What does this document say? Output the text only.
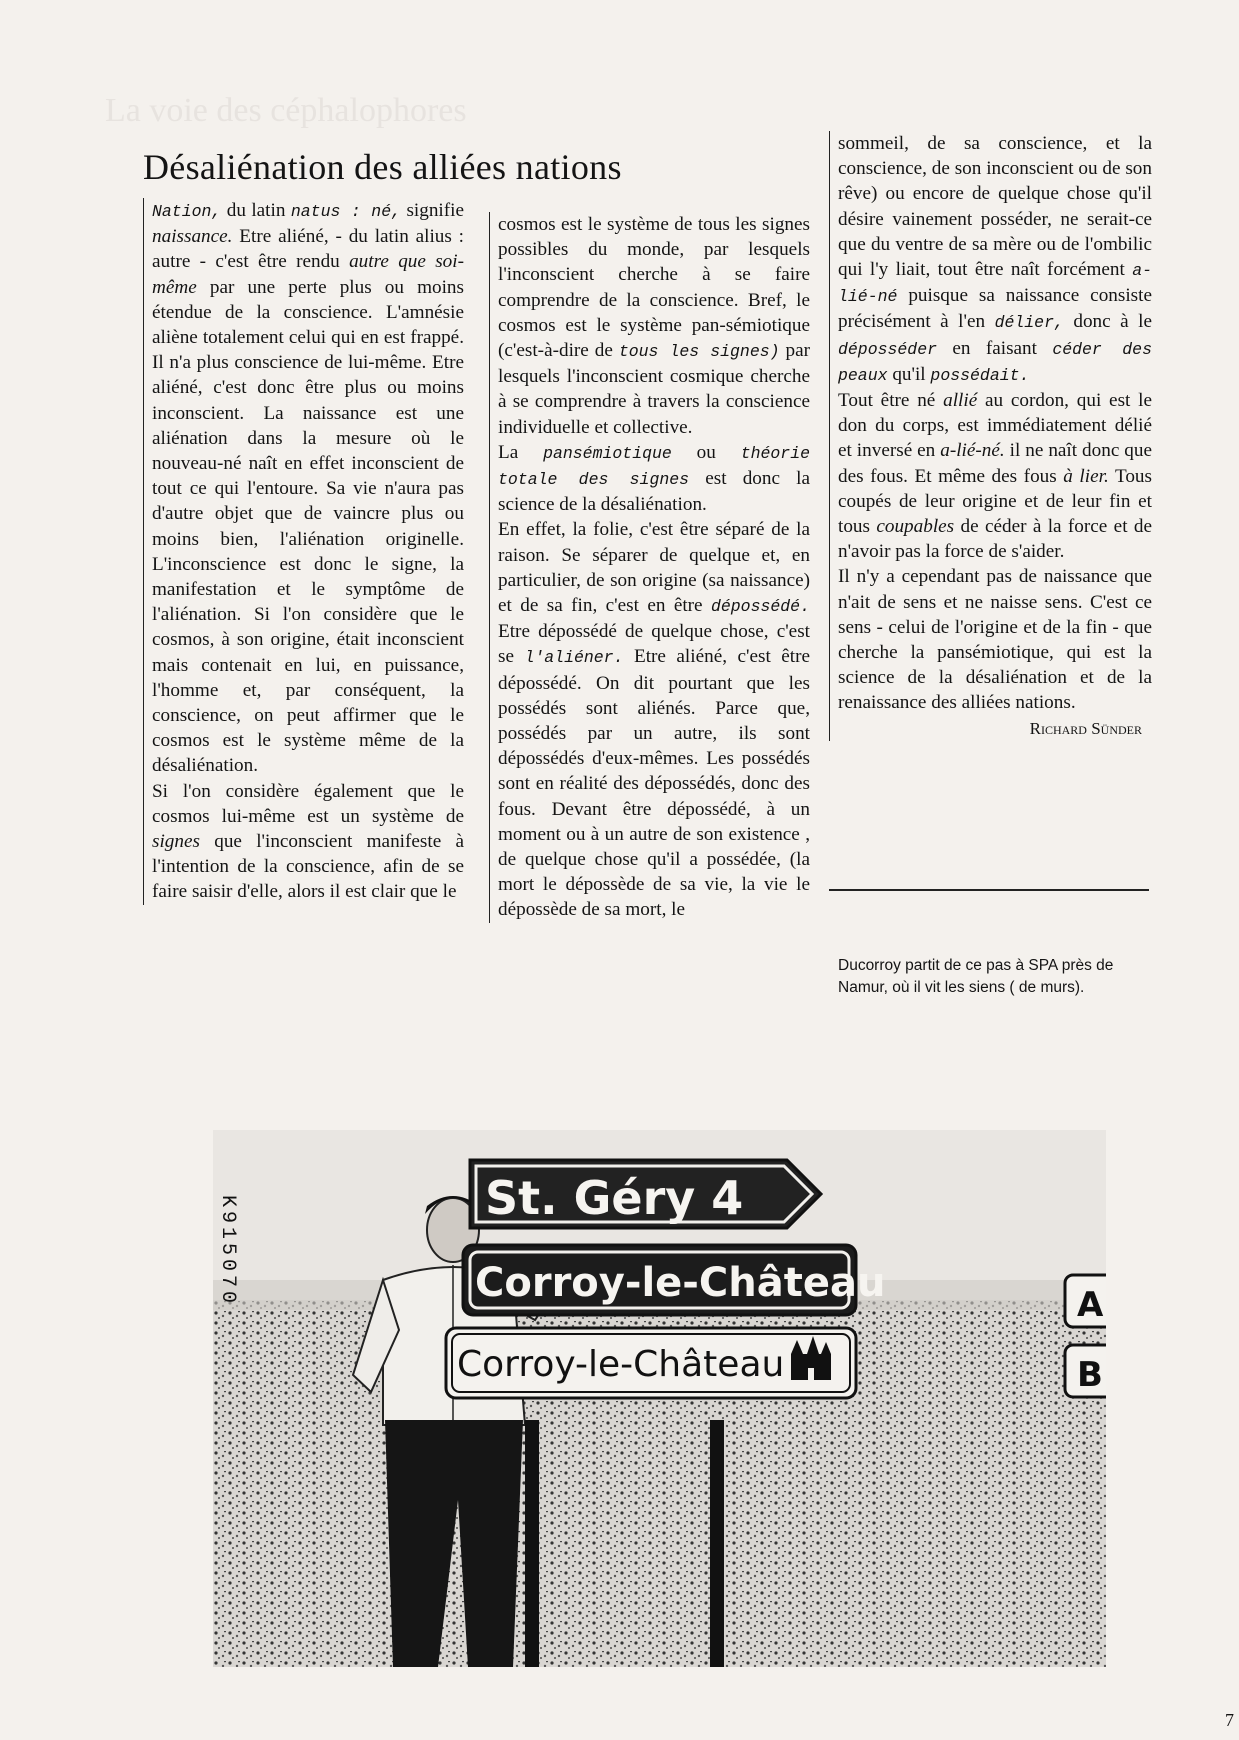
La voie des céphalophores
Désaliénation des alliées nations

Nation, du latin natus : né, signifie naissance. Etre aliéné, - du latin alius : autre - c'est être rendu autre que soi-même par une perte plus ou moins étendue de la conscience. L'amnésie aliène totalement celui qui en est frappé. Il n'a plus conscience de lui-même. Etre aliéné, c'est donc être plus ou moins inconscient. La naissance est une aliénation dans la mesure où le nouveau-né naît en effet inconscient de tout ce qui l'entoure. Sa vie n'aura pas d'autre objet que de vaincre plus ou moins bien, l'aliénation originelle. L'inconscience est donc le signe, la manifestation et le symptôme de l'aliénation. Si l'on considère que le cosmos, à son origine, était inconscient mais contenait en lui, en puissance, l'homme et, par conséquent, la conscience, on peut affirmer que le cosmos est le système même de la désaliénation.

Si l'on considère également que le cosmos lui-même est un système de signes que l'inconscient manifeste à l'intention de la conscience, afin de se faire saisir d'elle, alors il est clair que le

cosmos est le système de tous les signes possibles du monde, par lesquels l'inconscient cherche à se faire comprendre de la conscience. Bref, le cosmos est le système pan-sémiotique (c'est-à-dire de tous les signes) par lesquels l'inconscient cosmique cherche à se comprendre à travers la conscience individuelle et collective.

La pansémiotique ou théorie totale des signes est donc la science de la désaliénation.

En effet, la folie, c'est être séparé de la raison. Se séparer de quelque et, en particulier, de son origine (sa naissance) et de sa fin, c'est en être dépossédé. Etre dépossédé de quelque chose, c'est se l'aliéner. Etre aliéné, c'est être dépossédé. On dit pourtant que les possédés sont aliénés. Parce que, possédés par un autre, ils sont dépossédés d'eux-mêmes. Les possédés sont en réalité des dépossédés, donc des fous. Devant être dépossédé, à un moment ou à un autre de son existence , de quelque chose qu'il a possédée, (la mort le dépossède de sa vie, la vie le dépossède de sa mort, le

sommeil, de sa conscience, et la conscience, de son inconscient ou de son rêve) ou encore de quelque chose qu'il désire vainement posséder, ne serait-ce que du ventre de sa mère ou de l'ombilic qui l'y liait, tout être naît forcément a-lié-né puisque sa naissance consiste précisément à l'en délier, donc à le déposséder en faisant céder des peaux qu'il possédait.

Tout être né allié au cordon, qui est le don du corps, est immédiatement délié et inversé en a-lié-né. il ne naît donc que des fous. Et même des fous à lier. Tous coupés de leur origine et de leur fin et tous coupables de céder à la force et de n'avoir pas la force de s'aider.

Il n'y a cependant pas de naissance que n'ait de sens et ne naisse sens. C'est ce sens - celui de l'origine et de la fin - que cherche la pansémiotique, qui est la science de la désaliénation et de la renaissance des alliées nations.

Richard Sünder

Ducorroy partit de ce pas à SPA près de Namur, où il vit les siens ( de murs).
St. Géry 4
Corroy-le-Château
Corroy-le-Château
A
B
K915070
7
